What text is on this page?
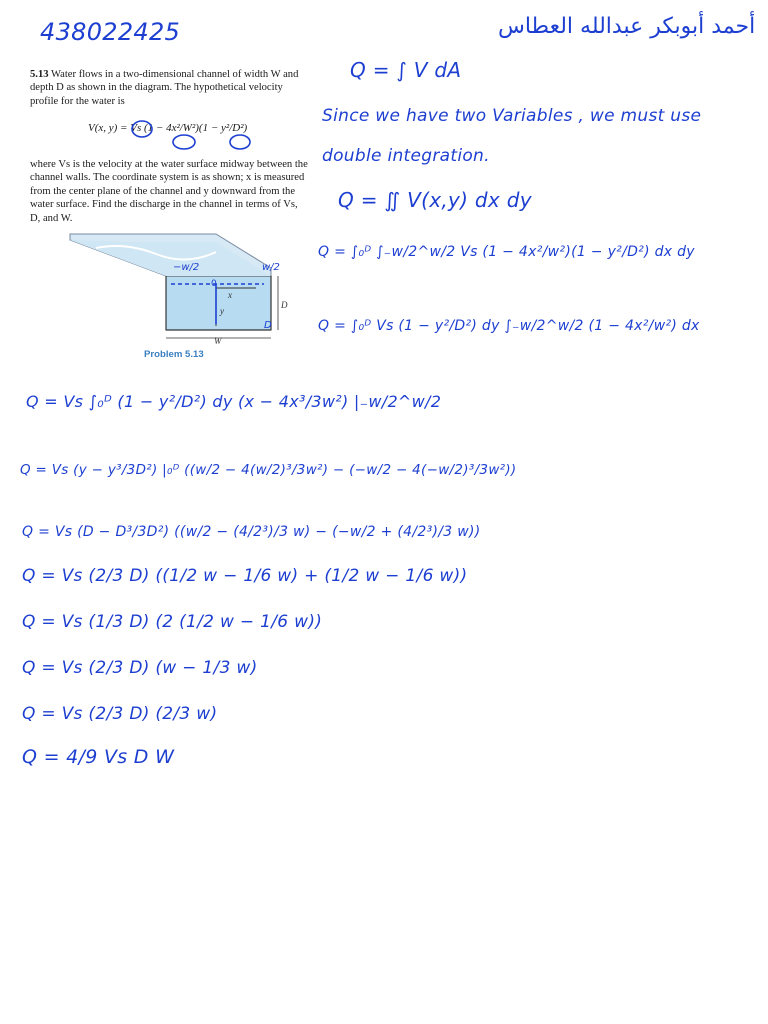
438022425	أحمد أبوبكر عبدالله العطاس

5.13 Water flows in a two-dimensional channel of width W and depth D as shown in the diagram. The hypothetical velocity profile for the water is

V(x, y) = Vs (1 − 4x²/W²)(1 − y²/D²)

where Vs is the velocity at the water surface midway between the channel walls. The coordinate system is as shown; x is measured from the center plane of the channel and y downward from the water surface. Find the discharge in the channel in terms of Vs, D, and W.

−w/2	w/2
0
x
y
D
D
W
Problem 5.13
Q = ∫ V dA
Since we have two Variables , we must use
double integration.
Q = ∬ V(x,y) dx dy
Q = ∫₀ᴰ ∫₋w/2^w/2 Vs (1 − 4x²/w²)(1 − y²/D²) dx dy
Q = ∫₀ᴰ Vs (1 − y²/D²) dy ∫₋w/2^w/2 (1 − 4x²/w²) dx
Q = Vs ∫₀ᴰ (1 − y²/D²) dy (x − 4x³/3w²) |₋w/2^w/2
Q = Vs (y − y³/3D²) |₀ᴰ ((w/2 − 4(w/2)³/3w²) − (−w/2 − 4(−w/2)³/3w²))
Q = Vs (D − D³/3D²) ((w/2 − (4/2³)/3 w) − (−w/2 + (4/2³)/3 w))
Q = Vs (2/3 D) ((1/2 w − 1/6 w) + (1/2 w − 1/6 w))
Q = Vs (1/3 D) (2 (1/2 w − 1/6 w))
Q = Vs (2/3 D) (w − 1/3 w)
Q = Vs (2/3 D) (2/3 w)
Q = 4/9 Vs D W
